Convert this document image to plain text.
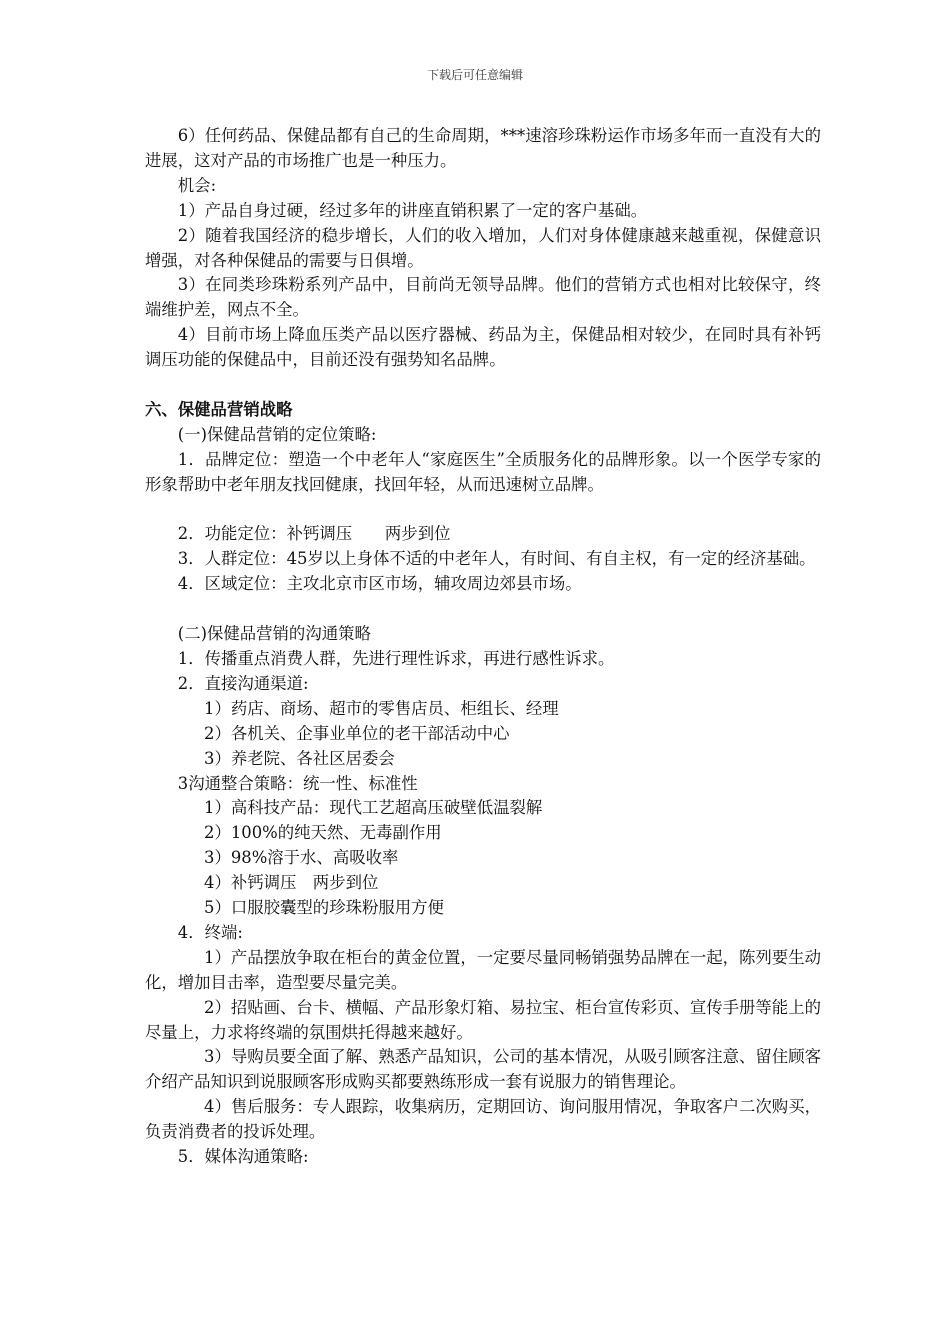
下载后可任意编辑

6）任何药品、保健品都有自己的生命周期，***速溶珍珠粉运作市场多年而一直没有大的进展，这对产品的市场推广也是一种压力。

机会:

1）产品自身过硬，经过多年的讲座直销积累了一定的客户基础。

2）随着我国经济的稳步增长，人们的收入增加，人们对身体健康越来越重视，保健意识增强，对各种保健品的需要与日俱增。

3）在同类珍珠粉系列产品中，目前尚无领导品牌。他们的营销方式也相对比较保守，终端维护差，网点不全。

4）目前市场上降血压类产品以医疗器械、药品为主，保健品相对较少，在同时具有补钙调压功能的保健品中，目前还没有强势知名品牌。

六、保健品营销战略

(一)保健品营销的定位策略:

1．品牌定位：塑造一个中老年人“家庭医生”全质服务化的品牌形象。以一个医学专家的形象帮助中老年朋友找回健康，找回年轻，从而迅速树立品牌。

2．功能定位：补钙调压　　两步到位

3．人群定位：45岁以上身体不适的中老年人，有时间、有自主权，有一定的经济基础。

4．区域定位：主攻北京市区市场，辅攻周边郊县市场。

(二)保健品营销的沟通策略

1．传播重点消费人群，先进行理性诉求，再进行感性诉求。

2．直接沟通渠道:

1）药店、商场、超市的零售店员、柜组长、经理

2）各机关、企事业单位的老干部活动中心

3）养老院、各社区居委会

3沟通整合策略：统一性、标准性

1）高科技产品：现代工艺超高压破壁低温裂解

2）100%的纯天然、无毒副作用

3）98%溶于水、高吸收率

4）补钙调压　两步到位

5）口服胶囊型的珍珠粉服用方便

4．终端:

1）产品摆放争取在柜台的黄金位置，一定要尽量同畅销强势品牌在一起，陈列要生动化，增加目击率，造型要尽量完美。

2）招贴画、台卡、横幅、产品形象灯箱、易拉宝、柜台宣传彩页、宣传手册等能上的尽量上，力求将终端的氛围烘托得越来越好。

3）导购员要全面了解、熟悉产品知识，公司的基本情况，从吸引顾客注意、留住顾客介绍产品知识到说服顾客形成购买都要熟练形成一套有说服力的销售理论。

4）售后服务：专人跟踪，收集病历，定期回访、询问服用情况，争取客户二次购买，负责消费者的投诉处理。

5．媒体沟通策略:
